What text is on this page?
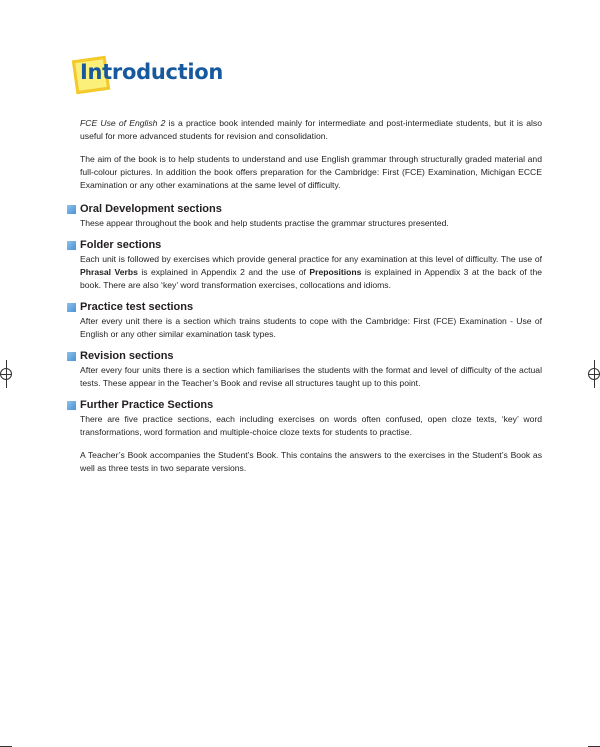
Introduction

FCE Use of English 2 is a practice book intended mainly for intermediate and post-intermediate students, but it is also useful for more advanced students for revision and consolidation.

The aim of the book is to help students to understand and use English grammar through structurally graded material and full-colour pictures. In addition the book offers preparation for the Cambridge: First (FCE) Examination, Michigan ECCE Examination or any other examinations at the same level of difficulty.

Oral Development sections

These appear throughout the book and help students practise the grammar structures presented.

Folder sections

Each unit is followed by exercises which provide general practice for any examination at this level of difficulty. The use of Phrasal Verbs is explained in Appendix 2 and the use of Prepositions is explained in Appendix 3 at the back of the book. There are also ‘key’ word transformation exercises, collocations and idioms.

Practice test sections

After every unit there is a section which trains students to cope with the Cambridge: First (FCE) Examination - Use of English or any other similar examination task types.

Revision sections

After every four units there is a section which familiarises the students with the format and level of difficulty of the actual tests. These appear in the Teacher’s Book and revise all structures taught up to this point.

Further Practice Sections

There are five practice sections, each including exercises on words often confused, open cloze texts, ‘key’ word transformations, word formation and multiple-choice cloze texts for students to practise.

A Teacher’s Book accompanies the Student’s Book. This contains the answers to the exercises in the Student’s Book as well as three tests in two separate versions.
